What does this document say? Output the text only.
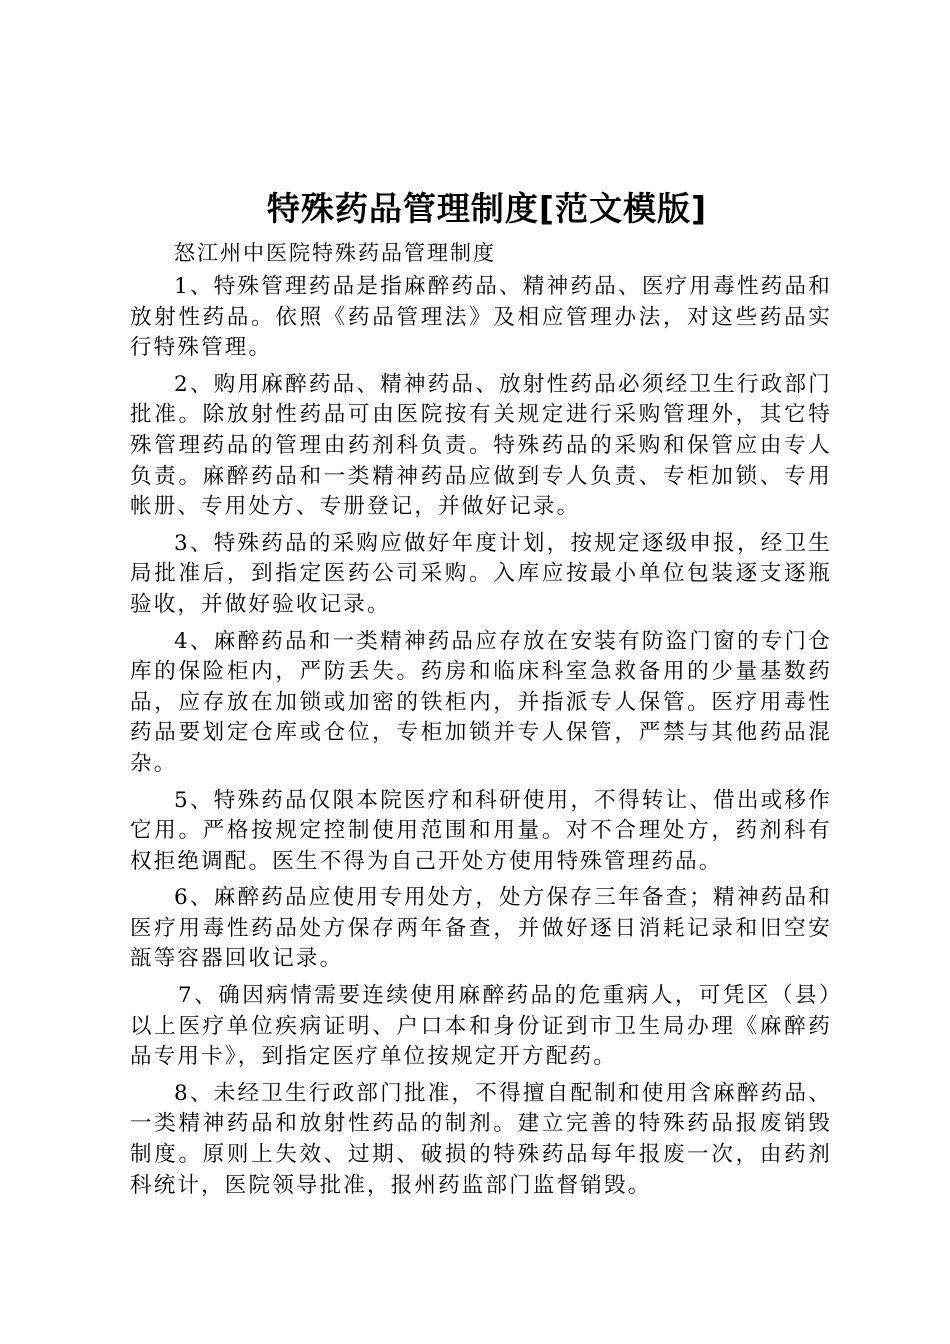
特殊药品管理制度[范文模版]

怒江州中医院特殊药品管理制度

1、特殊管理药品是指麻醉药品、精神药品、医疗用毒性药品和放射性药品。依照《药品管理法》及相应管理办法，对这些药品实行特殊管理。

2、购用麻醉药品、精神药品、放射性药品必须经卫生行政部门批准。除放射性药品可由医院按有关规定进行采购管理外，其它特殊管理药品的管理由药剂科负责。特殊药品的采购和保管应由专人负责。麻醉药品和一类精神药品应做到专人负责、专柜加锁、专用帐册、专用处方、专册登记，并做好记录。

3、特殊药品的采购应做好年度计划，按规定逐级申报，经卫生局批准后，到指定医药公司采购。入库应按最小单位包装逐支逐瓶验收，并做好验收记录。

4、麻醉药品和一类精神药品应存放在安装有防盗门窗的专门仓库的保险柜内，严防丢失。药房和临床科室急救备用的少量基数药品，应存放在加锁或加密的铁柜内，并指派专人保管。医疗用毒性药品要划定仓库或仓位，专柜加锁并专人保管，严禁与其他药品混杂。

5、特殊药品仅限本院医疗和科研使用，不得转让、借出或移作它用。严格按规定控制使用范围和用量。对不合理处方，药剂科有权拒绝调配。医生不得为自己开处方使用特殊管理药品。

6、麻醉药品应使用专用处方，处方保存三年备查；精神药品和医疗用毒性药品处方保存两年备查，并做好逐日消耗记录和旧空安瓿等容器回收记录。

7、确因病情需要连续使用麻醉药品的危重病人，可凭区（县）以上医疗单位疾病证明、户口本和身份证到市卫生局办理《麻醉药品专用卡》，到指定医疗单位按规定开方配药。

8、未经卫生行政部门批准，不得擅自配制和使用含麻醉药品、一类精神药品和放射性药品的制剂。建立完善的特殊药品报废销毁制度。原则上失效、过期、破损的特殊药品每年报废一次，由药剂科统计，医院领导批准，报州药监部门监督销毁。
